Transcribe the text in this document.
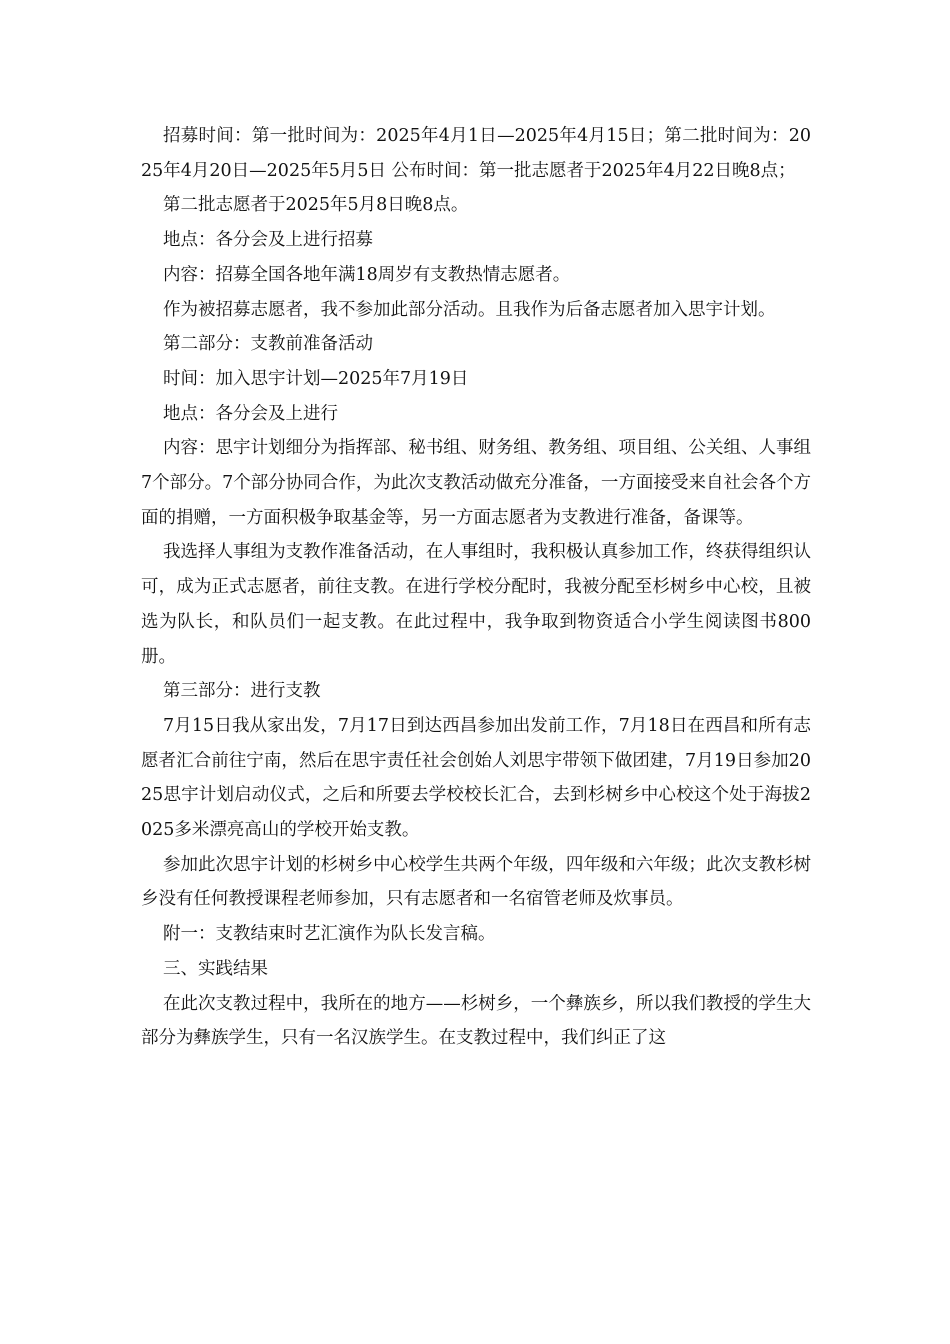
招募时间：第一批时间为：2025年4月1日—2025年4月15日；第二批时间为：2025年4月20日—2025年5月5日 公布时间：第一批志愿者于2025年4月22日晚8点；

第二批志愿者于2025年5月8日晚8点。

地点：各分会及上进行招募

内容：招募全国各地年满18周岁有支教热情志愿者。

作为被招募志愿者，我不参加此部分活动。且我作为后备志愿者加入思宇计划。

第二部分：支教前准备活动

时间：加入思宇计划—2025年7月19日

地点：各分会及上进行

内容：思宇计划细分为指挥部、秘书组、财务组、教务组、项目组、公关组、人事组7个部分。7个部分协同合作，为此次支教活动做充分准备，一方面接受来自社会各个方面的捐赠，一方面积极争取基金等，另一方面志愿者为支教进行准备，备课等。

我选择人事组为支教作准备活动，在人事组时，我积极认真参加工作，终获得组织认可，成为正式志愿者，前往支教。在进行学校分配时，我被分配至杉树乡中心校，且被选为队长，和队员们一起支教。在此过程中，我争取到物资适合小学生阅读图书800册。

第三部分：进行支教

7月15日我从家出发，7月17日到达西昌参加出发前工作，7月18日在西昌和所有志愿者汇合前往宁南，然后在思宇责任社会创始人刘思宇带领下做团建，7月19日参加2025思宇计划启动仪式，之后和所要去学校校长汇合，去到杉树乡中心校这个处于海拔2025多米漂亮高山的学校开始支教。

参加此次思宇计划的杉树乡中心校学生共两个年级，四年级和六年级；此次支教杉树乡没有任何教授课程老师参加，只有志愿者和一名宿管老师及炊事员。

附一：支教结束时艺汇演作为队长发言稿。

三、实践结果

在此次支教过程中，我所在的地方——杉树乡，一个彝族乡，所以我们教授的学生大部分为彝族学生，只有一名汉族学生。在支教过程中，我们纠正了这
